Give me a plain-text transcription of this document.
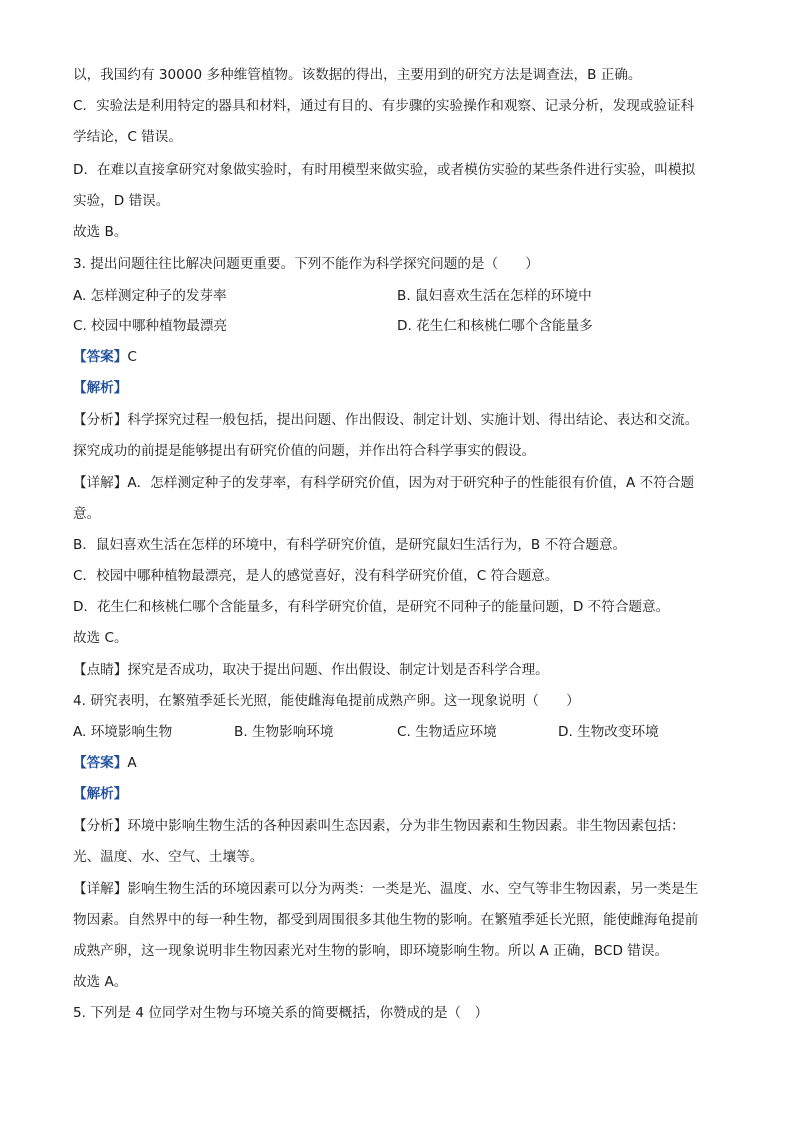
以，我国约有 30000 多种维管植物。该数据的得出，主要用到的研究方法是调查法，B 正确。
C．实验法是利用特定的器具和材料，通过有目的、有步骤的实验操作和观察、记录分析，发现或验证科
学结论，C 错误。
D．在难以直接拿研究对象做实验时，有时用模型来做实验，或者模仿实验的某些条件进行实验，叫模拟
实验，D 错误。
故选 B。
3. 提出问题往往比解决问题更重要。下列不能作为科学探究问题的是（　　）
A. 怎样测定种子的发芽率	B. 鼠妇喜欢生活在怎样的环境中
C. 校园中哪种植物最漂亮	D. 花生仁和核桃仁哪个含能量多
【答案】C
【解析】
【分析】科学探究过程一般包括，提出问题、作出假设、制定计划、实施计划、得出结论、表达和交流。
探究成功的前提是能够提出有研究价值的问题，并作出符合科学事实的假设。
【详解】A．怎样测定种子的发芽率，有科学研究价值，因为对于研究种子的性能很有价值，A 不符合题
意。
B．鼠妇喜欢生活在怎样的环境中，有科学研究价值，是研究鼠妇生活行为，B 不符合题意。
C．校园中哪种植物最漂亮，是人的感觉喜好，没有科学研究价值，C 符合题意。
D．花生仁和核桃仁哪个含能量多，有科学研究价值，是研究不同种子的能量问题，D 不符合题意。
故选 C。
【点睛】探究是否成功，取决于提出问题、作出假设、制定计划是否科学合理。
4. 研究表明，在繁殖季延长光照，能使雌海龟提前成熟产卵。这一现象说明（　　）
A. 环境影响生物	B. 生物影响环境	C. 生物适应环境	D. 生物改变环境
【答案】A
【解析】
【分析】环境中影响生物生活的各种因素叫生态因素，分为非生物因素和生物因素。非生物因素包括：
光、温度、水、空气、土壤等。
【详解】影响生物生活的环境因素可以分为两类：一类是光、温度、水、空气等非生物因素，另一类是生
物因素。自然界中的每一种生物，都受到周围很多其他生物的影响。在繁殖季延长光照，能使雌海龟提前
成熟产卵，这一现象说明非生物因素光对生物的影响，即环境影响生物。所以 A 正确，BCD 错误。
故选 A。
5. 下列是 4 位同学对生物与环境关系的简要概括，你赞成的是（　）
